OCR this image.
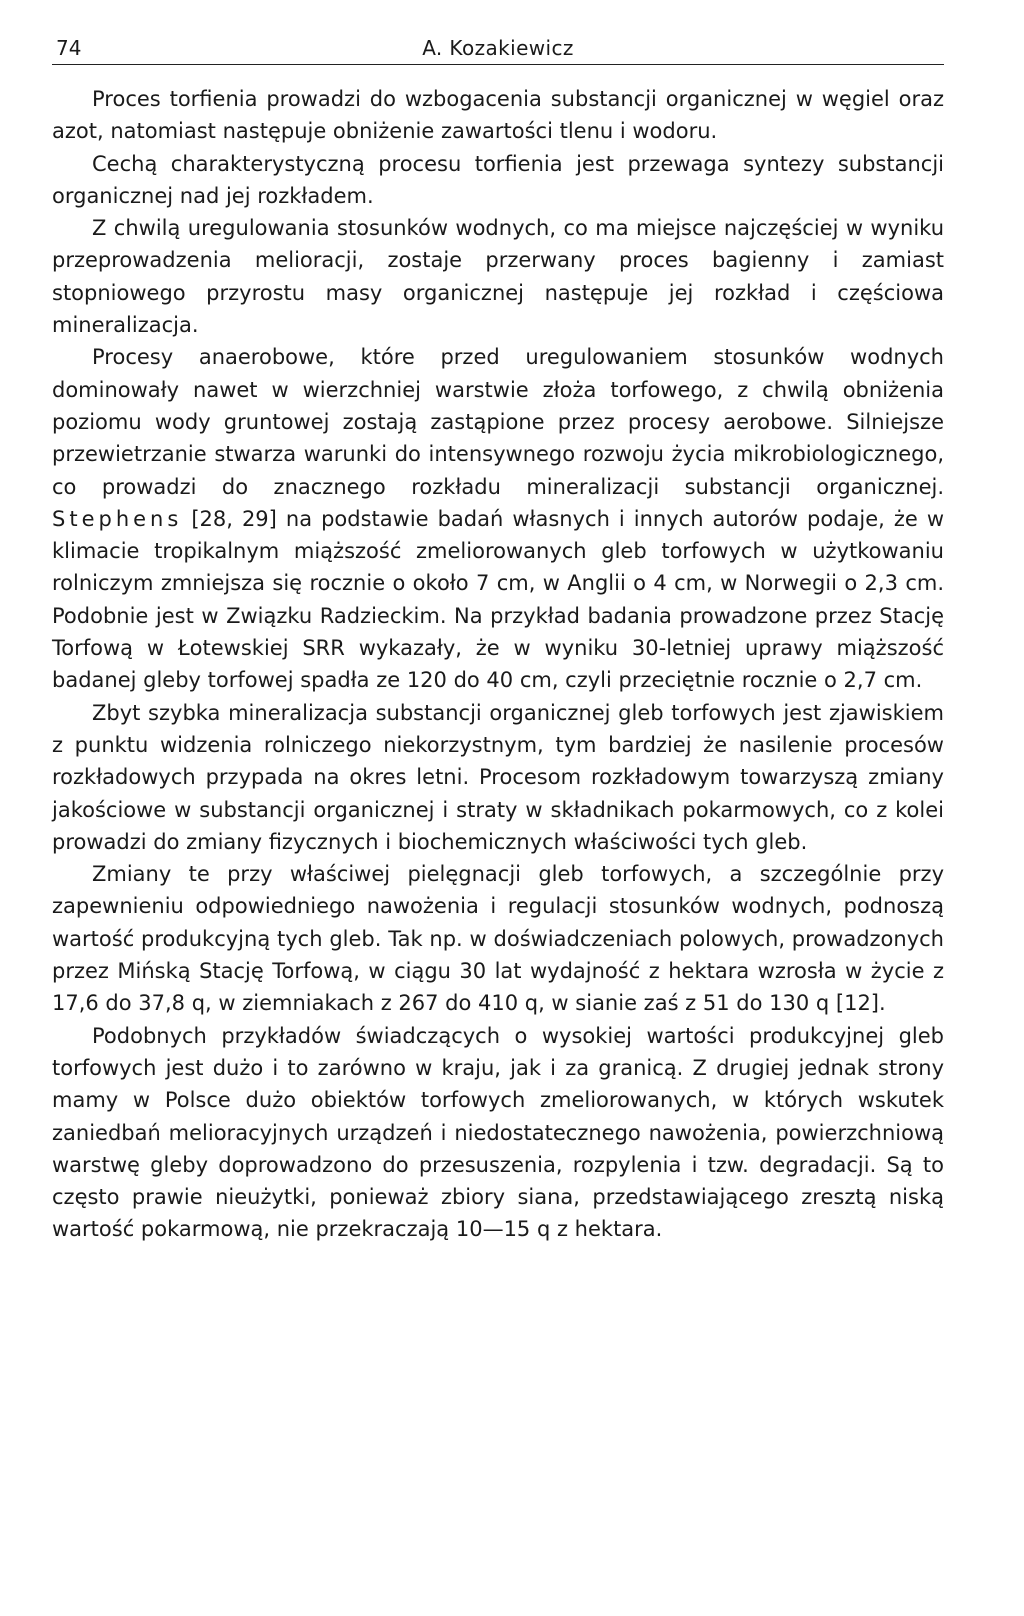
74	A. Kozakiewicz

Proces torfienia prowadzi do wzbogacenia substancji organicznej w węgiel oraz azot, natomiast następuje obniżenie zawartości tlenu i wodoru.

Cechą charakterystyczną procesu torfienia jest przewaga syntezy substancji organicznej nad jej rozkładem.

Z chwilą uregulowania stosunków wodnych, co ma miejsce najczęściej w wyniku przeprowadzenia melioracji, zostaje przerwany proces bagienny i zamiast stopniowego przyrostu masy organicznej następuje jej rozkład i częściowa mineralizacja.

Procesy anaerobowe, które przed uregulowaniem stosunków wodnych dominowały nawet w wierzchniej warstwie złoża torfowego, z chwilą obniżenia poziomu wody gruntowej zostają zastąpione przez procesy aerobowe. Silniejsze przewietrzanie stwarza warunki do intensywnego rozwoju życia mikrobiologicznego, co prowadzi do znacznego rozkładu mineralizacji substancji organicznej. Stephens [28, 29] na podstawie badań własnych i innych autorów podaje, że w klimacie tropikalnym miąższość zmeliorowanych gleb torfowych w użytkowaniu rolniczym zmniejsza się rocznie o około 7 cm, w Anglii o 4 cm, w Norwegii o 2,3 cm. Podobnie jest w Związku Radzieckim. Na przykład badania prowadzone przez Stację Torfową w Łotewskiej SRR wykazały, że w wyniku 30-letniej uprawy miąższość badanej gleby torfowej spadła ze 120 do 40 cm, czyli przeciętnie rocznie o 2,7 cm.

Zbyt szybka mineralizacja substancji organicznej gleb torfowych jest zjawiskiem z punktu widzenia rolniczego niekorzystnym, tym bardziej że nasilenie procesów rozkładowych przypada na okres letni. Procesom rozkładowym towarzyszą zmiany jakościowe w substancji organicznej i straty w składnikach pokarmowych, co z kolei prowadzi do zmiany fizycznych i biochemicznych właściwości tych gleb.

Zmiany te przy właściwej pielęgnacji gleb torfowych, a szczególnie przy zapewnieniu odpowiedniego nawożenia i regulacji stosunków wodnych, podnoszą wartość produkcyjną tych gleb. Tak np. w doświadczeniach polowych, prowadzonych przez Mińską Stację Torfową, w ciągu 30 lat wydajność z hektara wzrosła w życie z 17,6 do 37,8 q, w ziemniakach z 267 do 410 q, w sianie zaś z 51 do 130 q [12].

Podobnych przykładów świadczących o wysokiej wartości produkcyjnej gleb torfowych jest dużo i to zarówno w kraju, jak i za granicą. Z drugiej jednak strony mamy w Polsce dużo obiektów torfowych zmeliorowanych, w których wskutek zaniedbań melioracyjnych urządzeń i niedostatecznego nawożenia, powierzchniową warstwę gleby doprowadzono do przesuszenia, rozpylenia i tzw. degradacji. Są to często prawie nieużytki, ponieważ zbiory siana, przedstawiającego zresztą niską wartość pokarmową, nie przekraczają 10—15 q z hektara.
